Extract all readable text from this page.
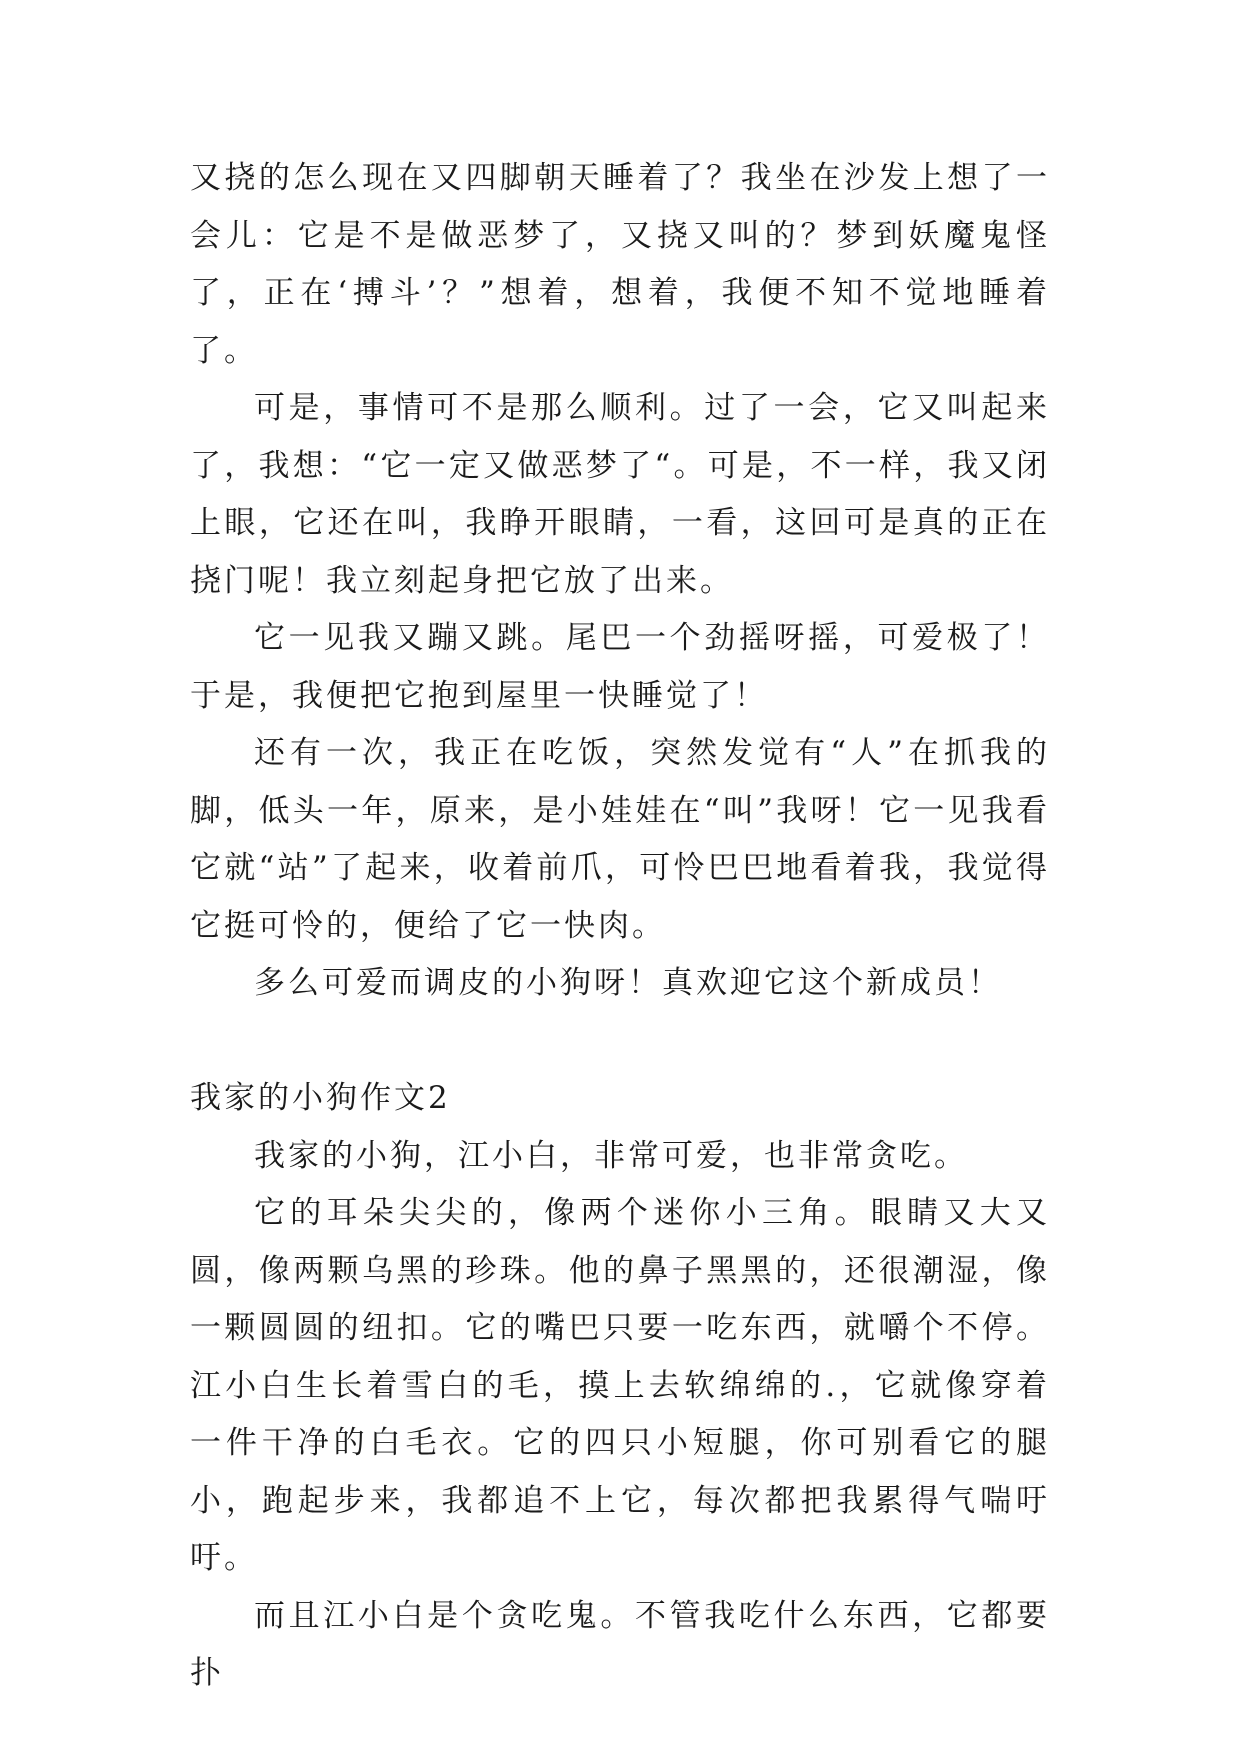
又挠的怎么现在又四脚朝天睡着了？我坐在沙发上想了一会儿：它是不是做恶梦了，又挠又叫的？梦到妖魔鬼怪了，正在‘搏斗’？”想着，想着，我便不知不觉地睡着了。

可是，事情可不是那么顺利。过了一会，它又叫起来了，我想：“它一定又做恶梦了“。可是，不一样，我又闭上眼，它还在叫，我睁开眼睛，一看，这回可是真的正在挠门呢！我立刻起身把它放了出来。

它一见我又蹦又跳。尾巴一个劲摇呀摇，可爱极了！于是，我便把它抱到屋里一快睡觉了！

还有一次，我正在吃饭，突然发觉有“人”在抓我的脚，低头一年，原来，是小娃娃在“叫”我呀！它一见我看它就“站”了起来，收着前爪，可怜巴巴地看着我，我觉得它挺可怜的，便给了它一快肉。

多么可爱而调皮的小狗呀！真欢迎它这个新成员！

我家的小狗作文2

我家的小狗，江小白，非常可爱，也非常贪吃。

它的耳朵尖尖的，像两个迷你小三角。眼睛又大又圆，像两颗乌黑的珍珠。他的鼻子黑黑的，还很潮湿，像一颗圆圆的纽扣。它的嘴巴只要一吃东西，就嚼个不停。江小白生长着雪白的毛，摸上去软绵绵的.，它就像穿着一件干净的白毛衣。它的四只小短腿，你可别看它的腿小，跑起步来，我都追不上它，每次都把我累得气喘吁吁。

而且江小白是个贪吃鬼。不管我吃什么东西，它都要扑
